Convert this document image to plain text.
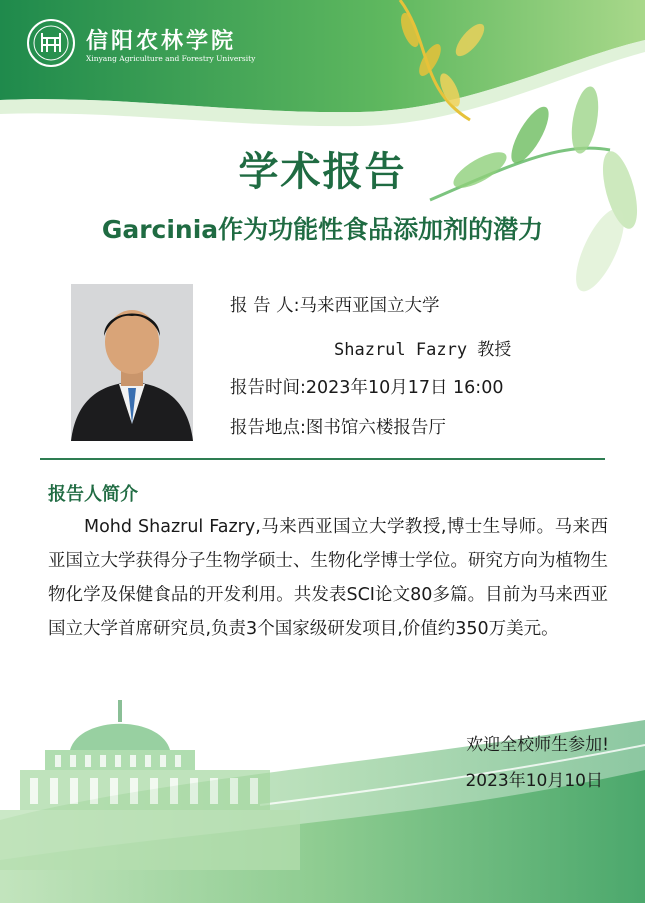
信阳农林学院
Xinyang Agriculture and Forestry University
学术报告
Garcinia作为功能性食品添加剂的潜力
报 告 人:马来西亚国立大学
Shazrul Fazry 教授
报告时间:2023年10月17日 16:00
报告地点:图书馆六楼报告厅
报告人简介
Mohd Shazrul Fazry,马来西亚国立大学教授,博士生导师。马来西亚国立大学获得分子生物学硕士、生物化学博士学位。研究方向为植物生物化学及保健食品的开发利用。共发表SCI论文80多篇。目前为马来西亚国立大学首席研究员,负责3个国家级研发项目,价值约350万美元。
欢迎全校师生参加!
2023年10月10日
